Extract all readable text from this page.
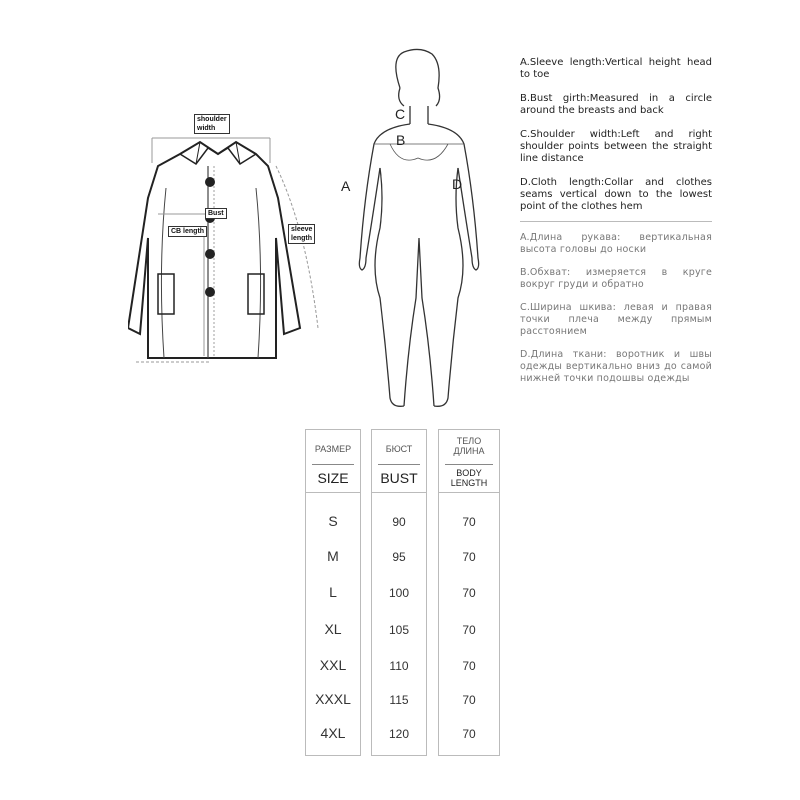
shoulder
width
Bust
CB length	sleeve
length
C
B
A	D
A.Sleeve length:Vertical height head to toe
B.Bust girth:Measured in a circle around the breasts and back
C.Shoulder width:Left and right shoulder points between the straight line distance
D.Cloth length:Collar and clothes seams vertical down to the lowest point of the clothes hem
A.Длина рукава: вертикальная высота головы до носки
B.Обхват: измеряется в круге вокруг груди и обратно
C.Ширина шкива: левая и правая точки плеча между прямым расстоянием
D.Длина ткани: воротник и швы одежды вертикально вниз до самой нижней точки подошвы одежды
РАЗМЕР
SIZE
S
M
L
XL
XXL
XXXL
4XL
БЮСТ
BUST
90
95
100
105
110
115
120
ТЕЛО
ДЛИНА
BODY
LENGTH
70
70
70
70
70
70
70
